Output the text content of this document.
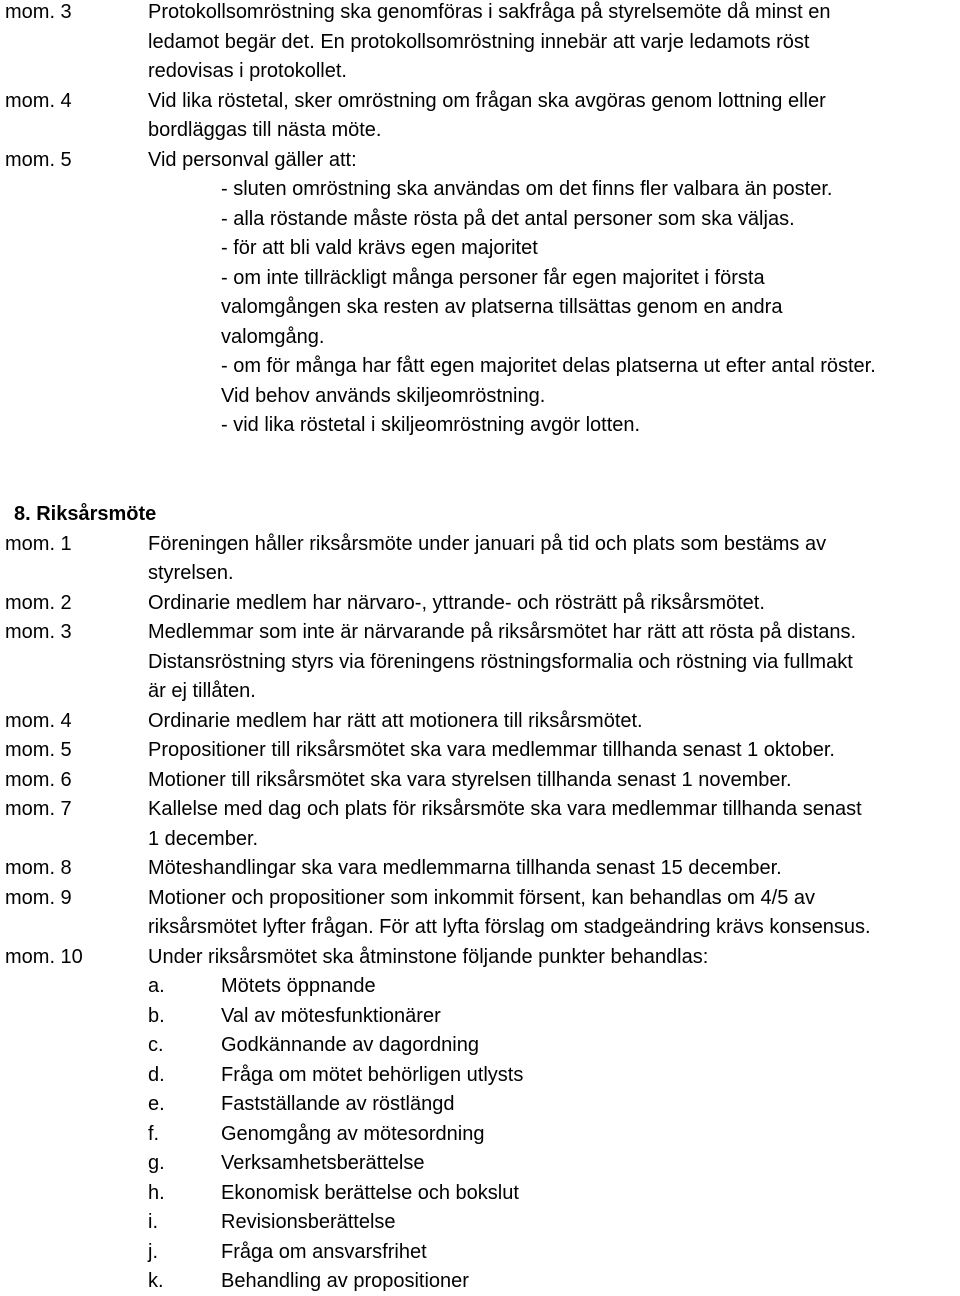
mom. 3	Protokollsomröstning ska genomföras i sakfråga på styrelsemöte då minst en
ledamot begär det. En protokollsomröstning innebär att varje ledamots röst
redovisas i protokollet.
mom. 4	Vid lika röstetal, sker omröstning om frågan ska avgöras genom lottning eller
bordläggas till nästa möte.
mom. 5	Vid personval gäller att:
- sluten omröstning ska användas om det finns fler valbara än poster.
- alla röstande måste rösta på det antal personer som ska väljas.
- för att bli vald krävs egen majoritet
- om inte tillräckligt många personer får egen majoritet i första
valomgången ska resten av platserna tillsättas genom en andra
valomgång.
- om för många har fått egen majoritet delas platserna ut efter antal röster.
Vid behov används skiljeomröstning.
- vid lika röstetal i skiljeomröstning avgör lotten.
8. Riksårsmöte
mom. 1	Föreningen håller riksårsmöte under januari på tid och plats som bestäms av
styrelsen.
mom. 2	Ordinarie medlem har närvaro-, yttrande- och rösträtt på riksårsmötet.
mom. 3	Medlemmar som inte är närvarande på riksårsmötet har rätt att rösta på distans.
Distansröstning styrs via föreningens röstningsformalia och röstning via fullmakt
är ej tillåten.
mom. 4	Ordinarie medlem har rätt att motionera till riksårsmötet.
mom. 5	Propositioner till riksårsmötet ska vara medlemmar tillhanda senast 1 oktober.
mom. 6	Motioner till riksårsmötet ska vara styrelsen tillhanda senast 1 november.
mom. 7	Kallelse med dag och plats för riksårsmöte ska vara medlemmar tillhanda senast
1 december.
mom. 8	Möteshandlingar ska vara medlemmarna tillhanda senast 15 december.
mom. 9	Motioner och propositioner som inkommit försent, kan behandlas om 4/5 av
riksårsmötet lyfter frågan. För att lyfta förslag om stadgeändring krävs konsensus.
mom. 10	Under riksårsmötet ska åtminstone följande punkter behandlas:
a.	Mötets öppnande
b.	Val av mötesfunktionärer
c.	Godkännande av dagordning
d.	Fråga om mötet behörligen utlysts
e.	Fastställande av röstlängd
f.	Genomgång av mötesordning
g.	Verksamhetsberättelse
h.	Ekonomisk berättelse och bokslut
i.	Revisionsberättelse
j.	Fråga om ansvarsfrihet
k.	Behandling av propositioner
